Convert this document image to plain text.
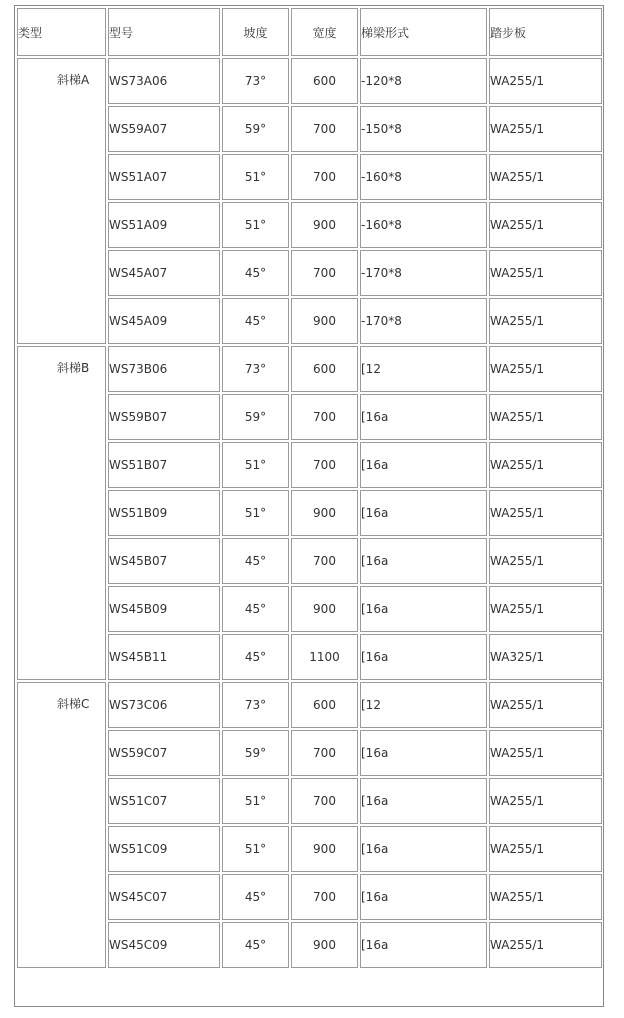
类型	型号	坡度	宽度	梯梁形式	踏步板
斜梯A	WS73A06	73°	600	-120*8	WA255/1
	WS59A07	59°	700	-150*8	WA255/1
	WS51A07	51°	700	-160*8	WA255/1
	WS51A09	51°	900	-160*8	WA255/1
	WS45A07	45°	700	-170*8	WA255/1
	WS45A09	45°	900	-170*8	WA255/1
斜梯B	WS73B06	73°	600	[12	WA255/1
	WS59B07	59°	700	[16a	WA255/1
	WS51B07	51°	700	[16a	WA255/1
	WS51B09	51°	900	[16a	WA255/1
	WS45B07	45°	700	[16a	WA255/1
	WS45B09	45°	900	[16a	WA255/1
	WS45B11	45°	1100	[16a	WA325/1
斜梯C	WS73C06	73°	600	[12	WA255/1
	WS59C07	59°	700	[16a	WA255/1
	WS51C07	51°	700	[16a	WA255/1
	WS51C09	51°	900	[16a	WA255/1
	WS45C07	45°	700	[16a	WA255/1
	WS45C09	45°	900	[16a	WA255/1
